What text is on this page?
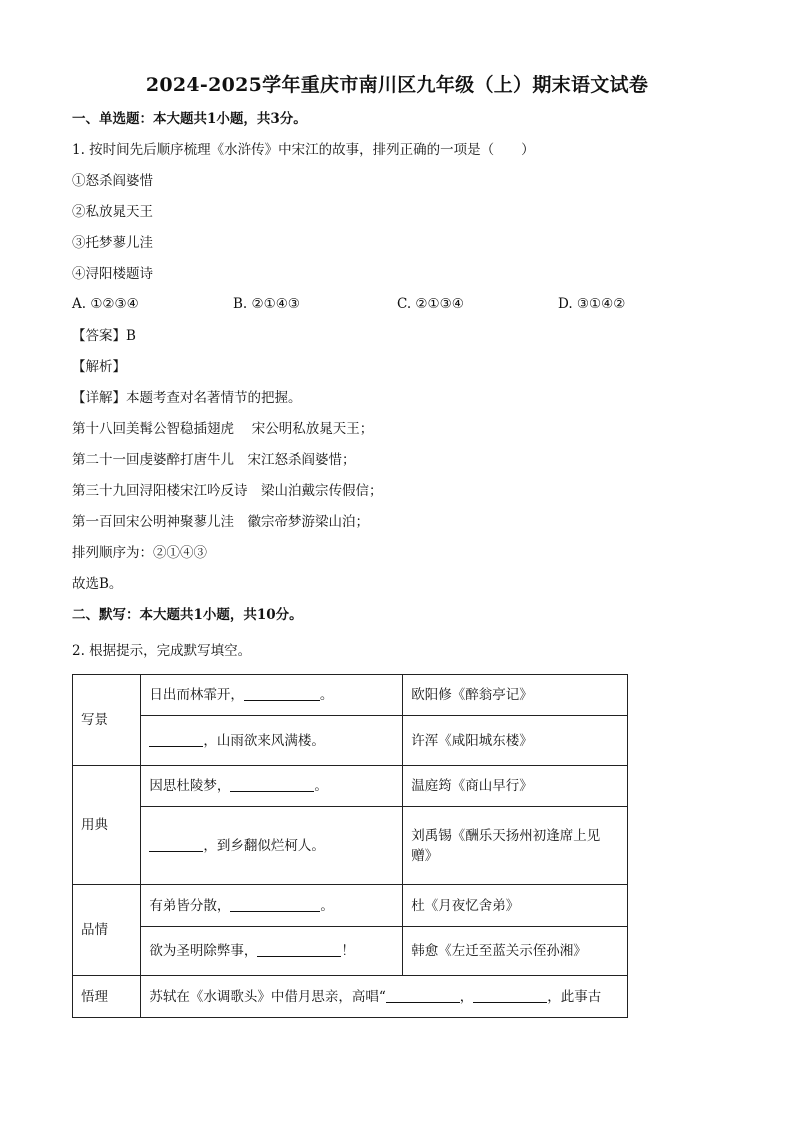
2024-2025学年重庆市南川区九年级（上）期末语文试卷
一、单选题：本大题共1小题，共3分。
1. 按时间先后顺序梳理《水浒传》中宋江的故事，排列正确的一项是（　　）
①怒杀阎婆惜
②私放晁天王
③托梦蓼儿洼
④浔阳楼题诗
A. ①②③④	B. ②①④③	C. ②①③④	D. ③①④②
【答案】B
【解析】
【详解】本题考查对名著情节的把握。
第十八回美髯公智稳插翅虎　 宋公明私放晁天王；
第二十一回虔婆醉打唐牛儿　宋江怒杀阎婆惜；
第三十九回浔阳楼宋江吟反诗　梁山泊戴宗传假信；
第一百回宋公明神聚蓼儿洼　徽宗帝梦游梁山泊；
排列顺序为：②①④③
故选B。
二、默写：本大题共1小题，共10分。
2. 根据提示，完成默写填空。
写景	日出而林霏开， 。	欧阳修《醉翁亭记》
	，山雨欲来风满楼。	许浑《咸阳城东楼》
用典	因思杜陵梦， 。	温庭筠《商山早行》
	，到乡翻似烂柯人。	刘禹锡《酬乐天扬州初逢席上见赠》
品情	有弟皆分散， 。	杜《月夜忆舍弟》
	欲为圣明除弊事， ！	韩愈《左迁至蓝关示侄孙湘》
悟理	苏轼在《水调歌头》中借月思亲，高唱“ ， ，此事古	
